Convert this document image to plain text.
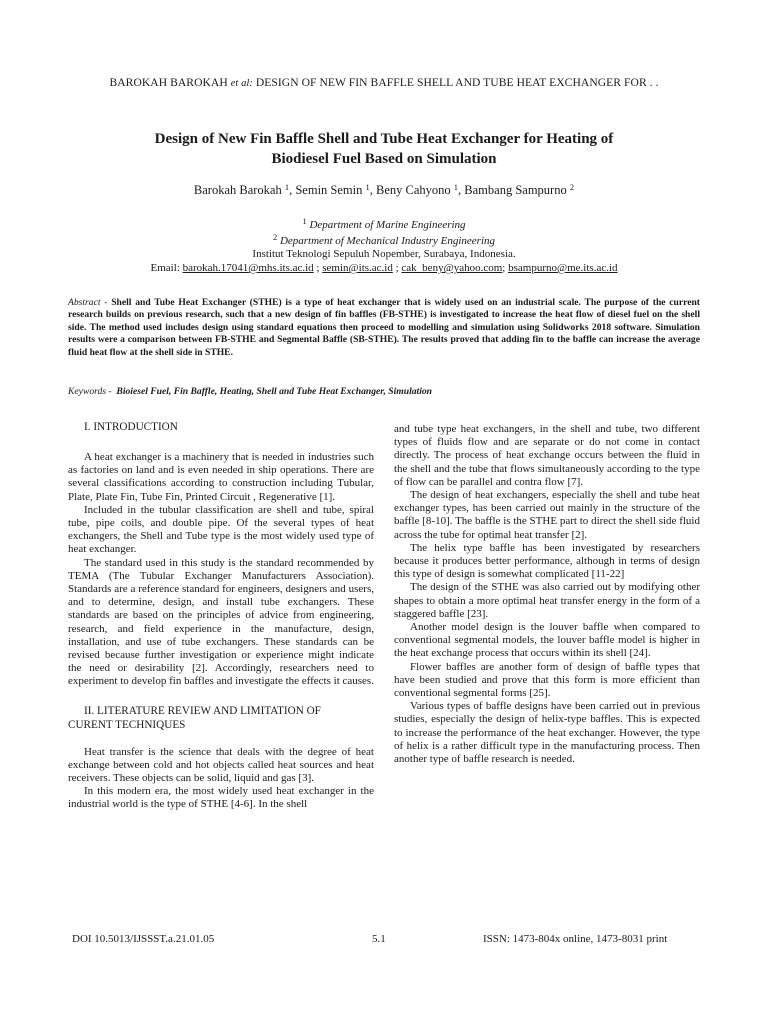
BAROKAH BAROKAH et al: DESIGN OF NEW FIN BAFFLE SHELL AND TUBE HEAT EXCHANGER FOR . .
Design of New Fin Baffle Shell and Tube Heat Exchanger for Heating of
Biodiesel Fuel Based on Simulation
Barokah Barokah $^1$, Semin Semin $^1$, Beny Cahyono $^1$, Bambang Sampurno $^2$
$^1$ Department of Marine Engineering
$^2$ Department of Mechanical Industry Engineering
Institut Teknologi Sepuluh Nopember, Surabaya, Indonesia.
Email: barokah.17041@mhs.its.ac.id ; semin@its.ac.id ; cak_beny@yahoo.com; bsampurno@me.its.ac.id
Abstract - Shell and Tube Heat Exchanger (STHE) is a type of heat exchanger that is widely used on an industrial scale. The purpose of the current research builds on previous research, such that a new design of fin baffles (FB-STHE) is investigated to increase the heat flow of diesel fuel on the shell side. The method used includes design using standard equations then proceed to modelling and simulation using Solidworks 2018 software. Simulation results were a comparison between FB-STHE and Segmental Baffle (SB-STHE). The results proved that adding fin to the baffle can increase the average fluid heat flow at the shell side in STHE.
Keywords - Bioiesel Fuel, Fin Baffle, Heating, Shell and Tube Heat Exchanger, Simulation

I. INTRODUCTION

A heat exchanger is a machinery that is needed in industries such as factories on land and is even needed in ship operations. There are several classifications according to construction including Tubular, Plate, Plate Fin, Tube Fin, Printed Circuit , Regenerative [1].

Included in the tubular classification are shell and tube, spiral tube, pipe coils, and double pipe. Of the several types of heat exchangers, the Shell and Tube type is the most widely used type of heat exchanger.

The standard used in this study is the standard recommended by TEMA (The Tubular Exchanger Manufacturers Association). Standards are a reference standard for engineers, designers and users, and to determine, design, and install tube exchangers. These standards are based on the principles of advice from engineering, research, and field experience in the manufacture, design, installation, and use of tube exchangers. These standards can be revised because further investigation or experience might indicate the need or desirability [2]. Accordingly, researchers need to experiment to develop fin baffles and investigate the effects it causes.

II. LITERATURE REVIEW AND LIMITATION OF
CURENT TECHNIQUES

Heat transfer is the science that deals with the degree of heat exchange between cold and hot objects called heat sources and heat receivers. These objects can be solid, liquid and gas [3].

In this modern era, the most widely used heat exchanger in the industrial world is the type of STHE [4-6]. In the shell

and tube type heat exchangers, in the shell and tube, two different types of fluids flow and are separate or do not come in contact directly. The process of heat exchange occurs between the fluid in the shell and the tube that flows simultaneously according to the type of flow can be parallel and contra flow [7].

The design of heat exchangers, especially the shell and tube heat exchanger types, has been carried out mainly in the structure of the baffle [8-10]. The baffle is the STHE part to direct the shell side fluid across the tube for optimal heat transfer [2].

The helix type baffle has been investigated by researchers because it produces better performance, although in terms of design this type of design is somewhat complicated [11-22]

The design of the STHE was also carried out by modifying other shapes to obtain a more optimal heat transfer energy in the form of a staggered baffle [23].

Another model design is the louver baffle when compared to conventional segmental models, the louver baffle model is higher in the heat exchange process that occurs within its shell [24].

Flower baffles are another form of design of baffle types that have been studied and prove that this form is more efficient than conventional segmental forms [25].

Various types of baffle designs have been carried out in previous studies, especially the design of helix-type baffles. This is expected to increase the performance of the heat exchanger. However, the type of helix is a rather difficult type in the manufacturing process. Then another type of baffle research is needed.

DOI 10.5013/IJSSST.a.21.01.05	5.1	ISSN: 1473-804x online, 1473-8031 print
